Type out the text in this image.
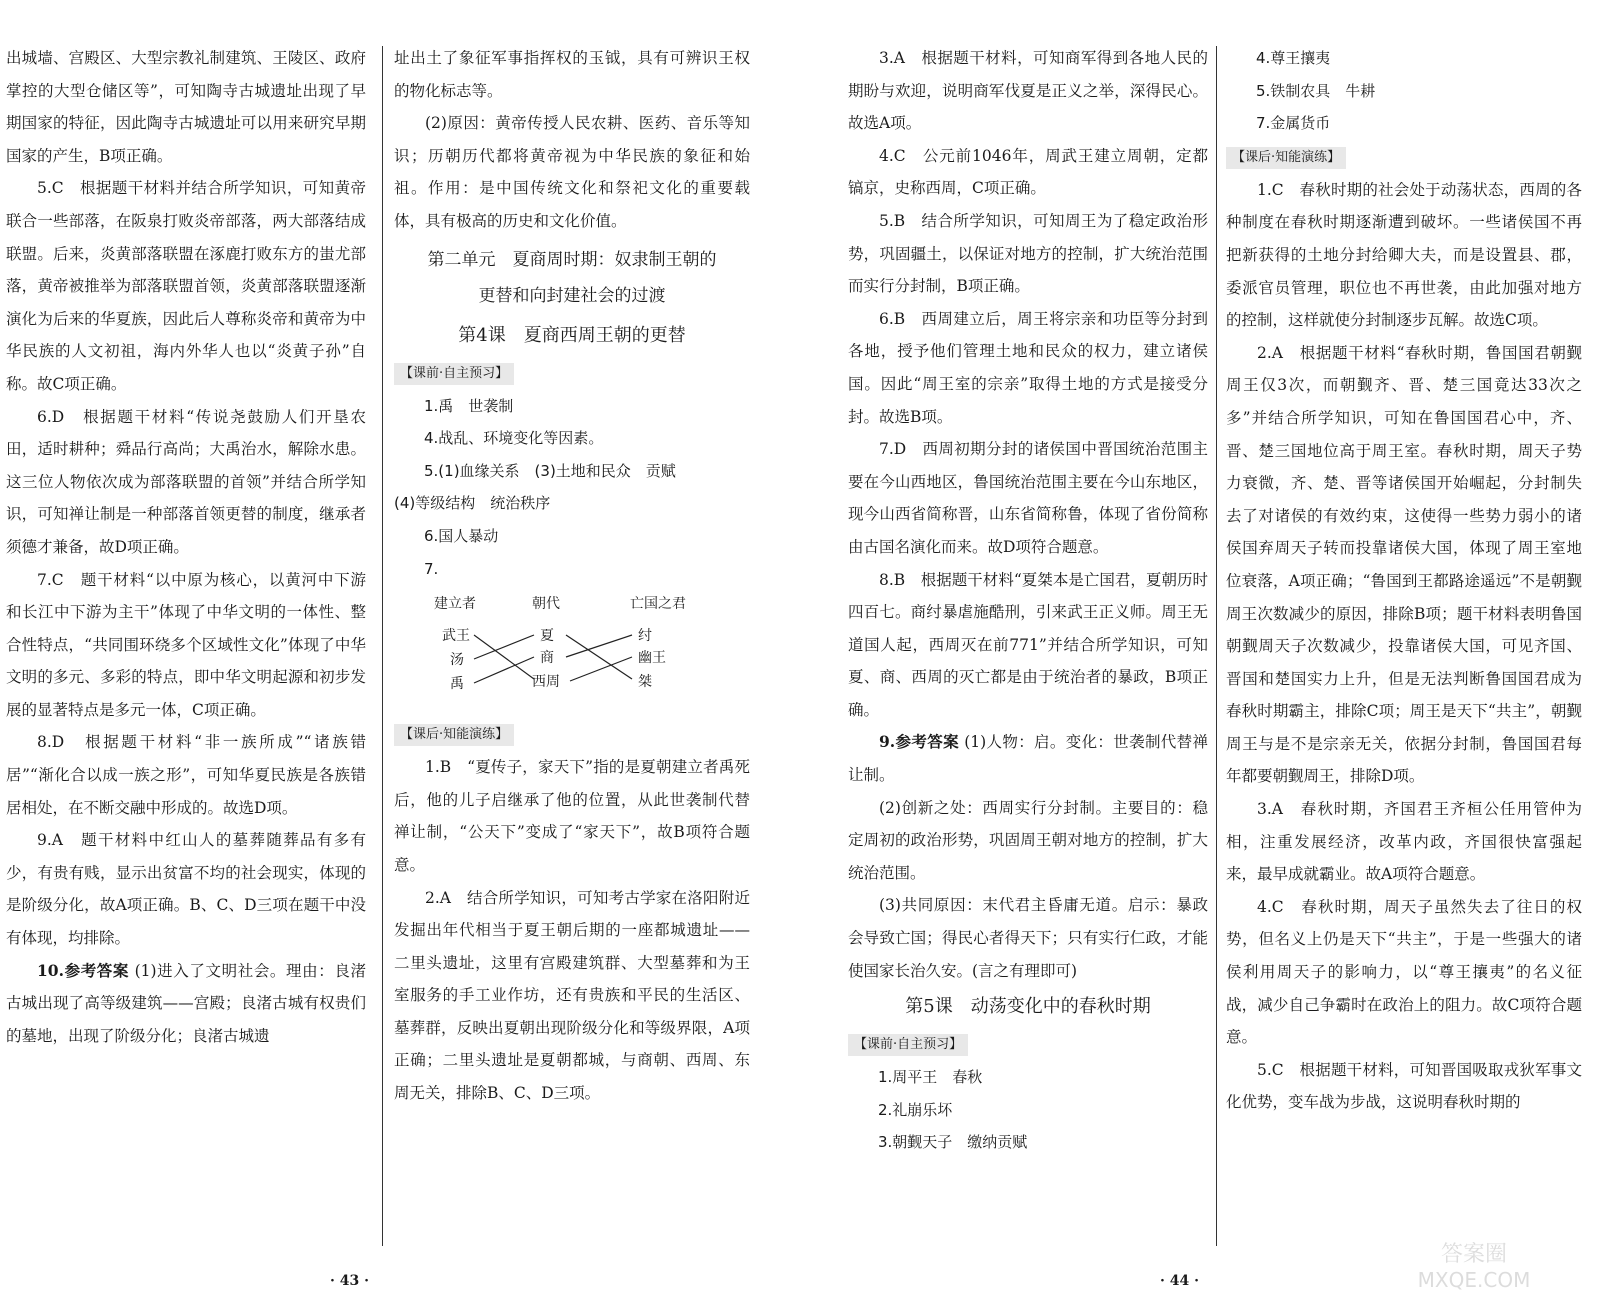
出城墙、宫殿区、大型宗教礼制建筑、王陵区、政府掌控的大型仓储区等”，可知陶寺古城遗址出现了早期国家的特征，因此陶寺古城遗址可以用来研究早期国家的产生，B项正确。

5.C　根据题干材料并结合所学知识，可知黄帝联合一些部落，在阪泉打败炎帝部落，两大部落结成联盟。后来，炎黄部落联盟在涿鹿打败东方的蚩尤部落，黄帝被推举为部落联盟首领，炎黄部落联盟逐渐演化为后来的华夏族，因此后人尊称炎帝和黄帝为中华民族的人文初祖，海内外华人也以“炎黄子孙”自称。故C项正确。

6.D　根据题干材料“传说尧鼓励人们开垦农田，适时耕种；舜品行高尚；大禹治水，解除水患。这三位人物依次成为部落联盟的首领”并结合所学知识，可知禅让制是一种部落首领更替的制度，继承者须德才兼备，故D项正确。

7.C　题干材料“以中原为核心，以黄河中下游和长江中下游为主干”体现了中华文明的一体性、整合性特点，“共同围环绕多个区域性文化”体现了中华文明的多元、多彩的特点，即中华文明起源和初步发展的显著特点是多元一体，C项正确。

8.D　根据题干材料“非一族所成”“诸族错居”“渐化合以成一族之形”，可知华夏民族是各族错居相处，在不断交融中形成的。故选D项。

9.A　题干材料中红山人的墓葬随葬品有多有少，有贵有贱，显示出贫富不均的社会现实，体现的是阶级分化，故A项正确。B、C、D三项在题干中没有体现，均排除。

10.参考答案 (1)进入了文明社会。理由：良渚古城出现了高等级建筑——宫殿；良渚古城有权贵们的墓地，出现了阶级分化；良渚古城遗

址出土了象征军事指挥权的玉钺，具有可辨识王权的物化标志等。

(2)原因：黄帝传授人民农耕、医药、音乐等知识；历朝历代都将黄帝视为中华民族的象征和始祖。作用：是中国传统文化和祭祀文化的重要载体，具有极高的历史和文化价值。

第二单元　夏商周时期：奴隶制王朝的
更替和向封建社会的过渡
第4课　夏商西周王朝的更替
【课前·自主预习】
1.禹　世袭制
4.战乱、环境变化等因素。
5.(1)血缘关系　(3)土地和民众　贡赋
(4)等级结构　统治秩序
6.国人暴动
7.
建立者	朝代	亡国之君
武王
汤
禹
夏
商
西周
纣
幽王
桀
【课后·知能演练】

1.B　“夏传子，家天下”指的是夏朝建立者禹死后，他的儿子启继承了他的位置，从此世袭制代替禅让制，“公天下”变成了“家天下”，故B项符合题意。

2.A　结合所学知识，可知考古学家在洛阳附近发掘出年代相当于夏王朝后期的一座都城遗址——二里头遗址，这里有宫殿建筑群、大型墓葬和为王室服务的手工业作坊，还有贵族和平民的生活区、墓葬群，反映出夏朝出现阶级分化和等级界限，A项正确；二里头遗址是夏朝都城，与商朝、西周、东周无关，排除B、C、D三项。

· 43 ·

3.A　根据题干材料，可知商军得到各地人民的期盼与欢迎，说明商军伐夏是正义之举，深得民心。故选A项。

4.C　公元前1046年，周武王建立周朝，定都镐京，史称西周，C项正确。

5.B　结合所学知识，可知周王为了稳定政治形势，巩固疆土，以保证对地方的控制，扩大统治范围而实行分封制，B项正确。

6.B　西周建立后，周王将宗亲和功臣等分封到各地，授予他们管理土地和民众的权力，建立诸侯国。因此“周王室的宗亲”取得土地的方式是接受分封。故选B项。

7.D　西周初期分封的诸侯国中晋国统治范围主要在今山西地区，鲁国统治范围主要在今山东地区，现今山西省简称晋，山东省简称鲁，体现了省份简称由古国名演化而来。故D项符合题意。

8.B　根据题干材料“夏桀本是亡国君，夏朝历时四百七。商纣暴虐施酷刑，引来武王正义师。周王无道国人起，西周灭在前771”并结合所学知识，可知夏、商、西周的灭亡都是由于统治者的暴政，B项正确。

9.参考答案 (1)人物：启。变化：世袭制代替禅让制。

(2)创新之处：西周实行分封制。主要目的：稳定周初的政治形势，巩固周王朝对地方的控制，扩大统治范围。

(3)共同原因：末代君主昏庸无道。启示：暴政会导致亡国；得民心者得天下；只有实行仁政，才能使国家长治久安。(言之有理即可)

第5课　动荡变化中的春秋时期
【课前·自主预习】
1.周平王　春秋
2.礼崩乐坏
3.朝觐天子　缴纳贡赋
4.尊王攘夷
5.铁制农具　牛耕
7.金属货币
【课后·知能演练】

1.C　春秋时期的社会处于动荡状态，西周的各种制度在春秋时期逐渐遭到破坏。一些诸侯国不再把新获得的土地分封给卿大夫，而是设置县、郡，委派官员管理，职位也不再世袭，由此加强对地方的控制，这样就使分封制逐步瓦解。故选C项。

2.A　根据题干材料“春秋时期，鲁国国君朝觐周王仅3次，而朝觐齐、晋、楚三国竟达33次之多”并结合所学知识，可知在鲁国国君心中，齐、晋、楚三国地位高于周王室。春秋时期，周天子势力衰微，齐、楚、晋等诸侯国开始崛起，分封制失去了对诸侯的有效约束，这使得一些势力弱小的诸侯国弃周天子转而投靠诸侯大国，体现了周王室地位衰落，A项正确；“鲁国到王都路途遥远”不是朝觐周王次数减少的原因，排除B项；题干材料表明鲁国朝觐周天子次数减少，投靠诸侯大国，可见齐国、晋国和楚国实力上升，但是无法判断鲁国国君成为春秋时期霸主，排除C项；周王是天下“共主”，朝觐周王与是不是宗亲无关，依据分封制，鲁国国君每年都要朝觐周王，排除D项。

3.A　春秋时期，齐国君王齐桓公任用管仲为相，注重发展经济，改革内政，齐国很快富强起来，最早成就霸业。故A项符合题意。

4.C　春秋时期，周天子虽然失去了往日的权势，但名义上仍是天下“共主”，于是一些强大的诸侯利用周天子的影响力，以“尊王攘夷”的名义征战，减少自己争霸时在政治上的阻力。故C项符合题意。

5.C　根据题干材料，可知晋国吸取戎狄军事文化优势，变车战为步战，这说明春秋时期的

· 44 ·
答案圈
MXQE.COM
